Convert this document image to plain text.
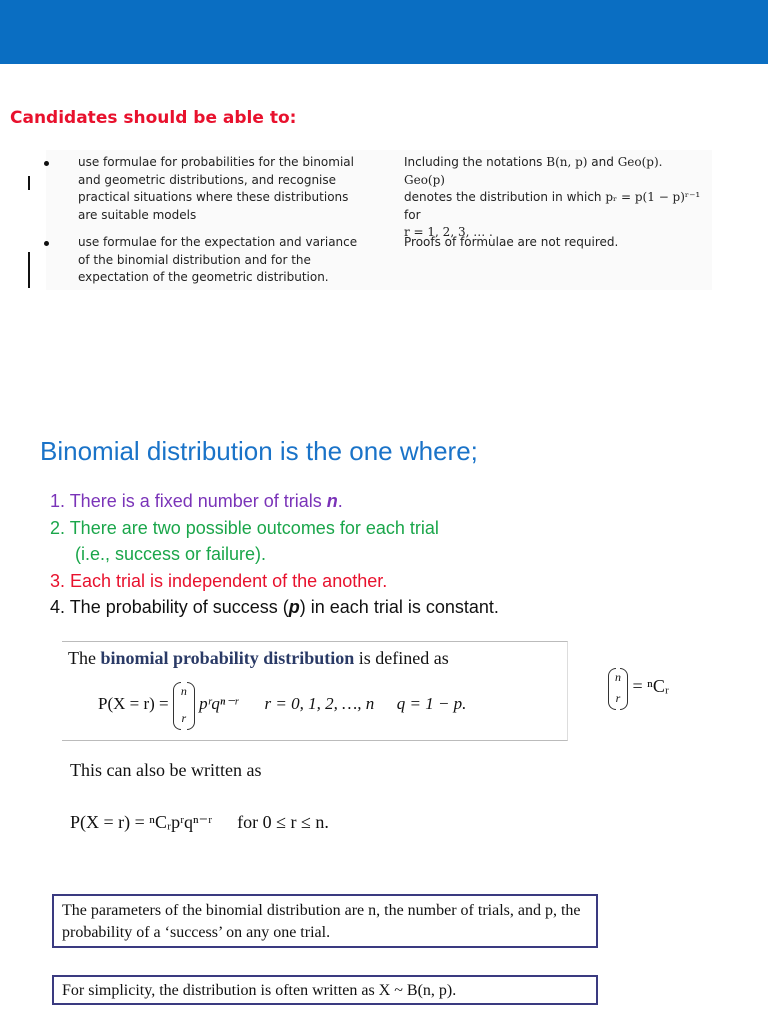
Candidates should be able to:

use formulae for probabilities for the binomial and geometric distributions, and recognise practical situations where these distributions are suitable models

use formulae for the expectation and variance of the binomial distribution and for the expectation of the geometric distribution.

Including the notations B(n, p) and Geo(p). Geo(p)
denotes the distribution in which pᵣ = p(1 − p)ʳ⁻¹ for
r = 1, 2, 3, … .
Proofs of formulae are not required.
Binomial distribution is the one where;
1. There is a fixed number of trials n.
2. There are two possible outcomes for each trial
(i.e., success or failure).
3. Each trial is independent of the another.
4. The probability of success (p) in each trial is constant.
The binomial probability distribution is defined as
P(X = r) =
n
r
pʳqⁿ⁻ʳ r = 0, 1, 2, …, n q = 1 − p.
n
r
= ⁿCᵣ
This can also be written as
P(X = r) = ⁿCᵣpʳqⁿ⁻ʳ for 0 ≤ r ≤ n.
The parameters of the binomial distribution are n, the number of trials, and p, the probability of a ‘success’ on any one trial.
For simplicity, the distribution is often written as X ~ B(n, p).
